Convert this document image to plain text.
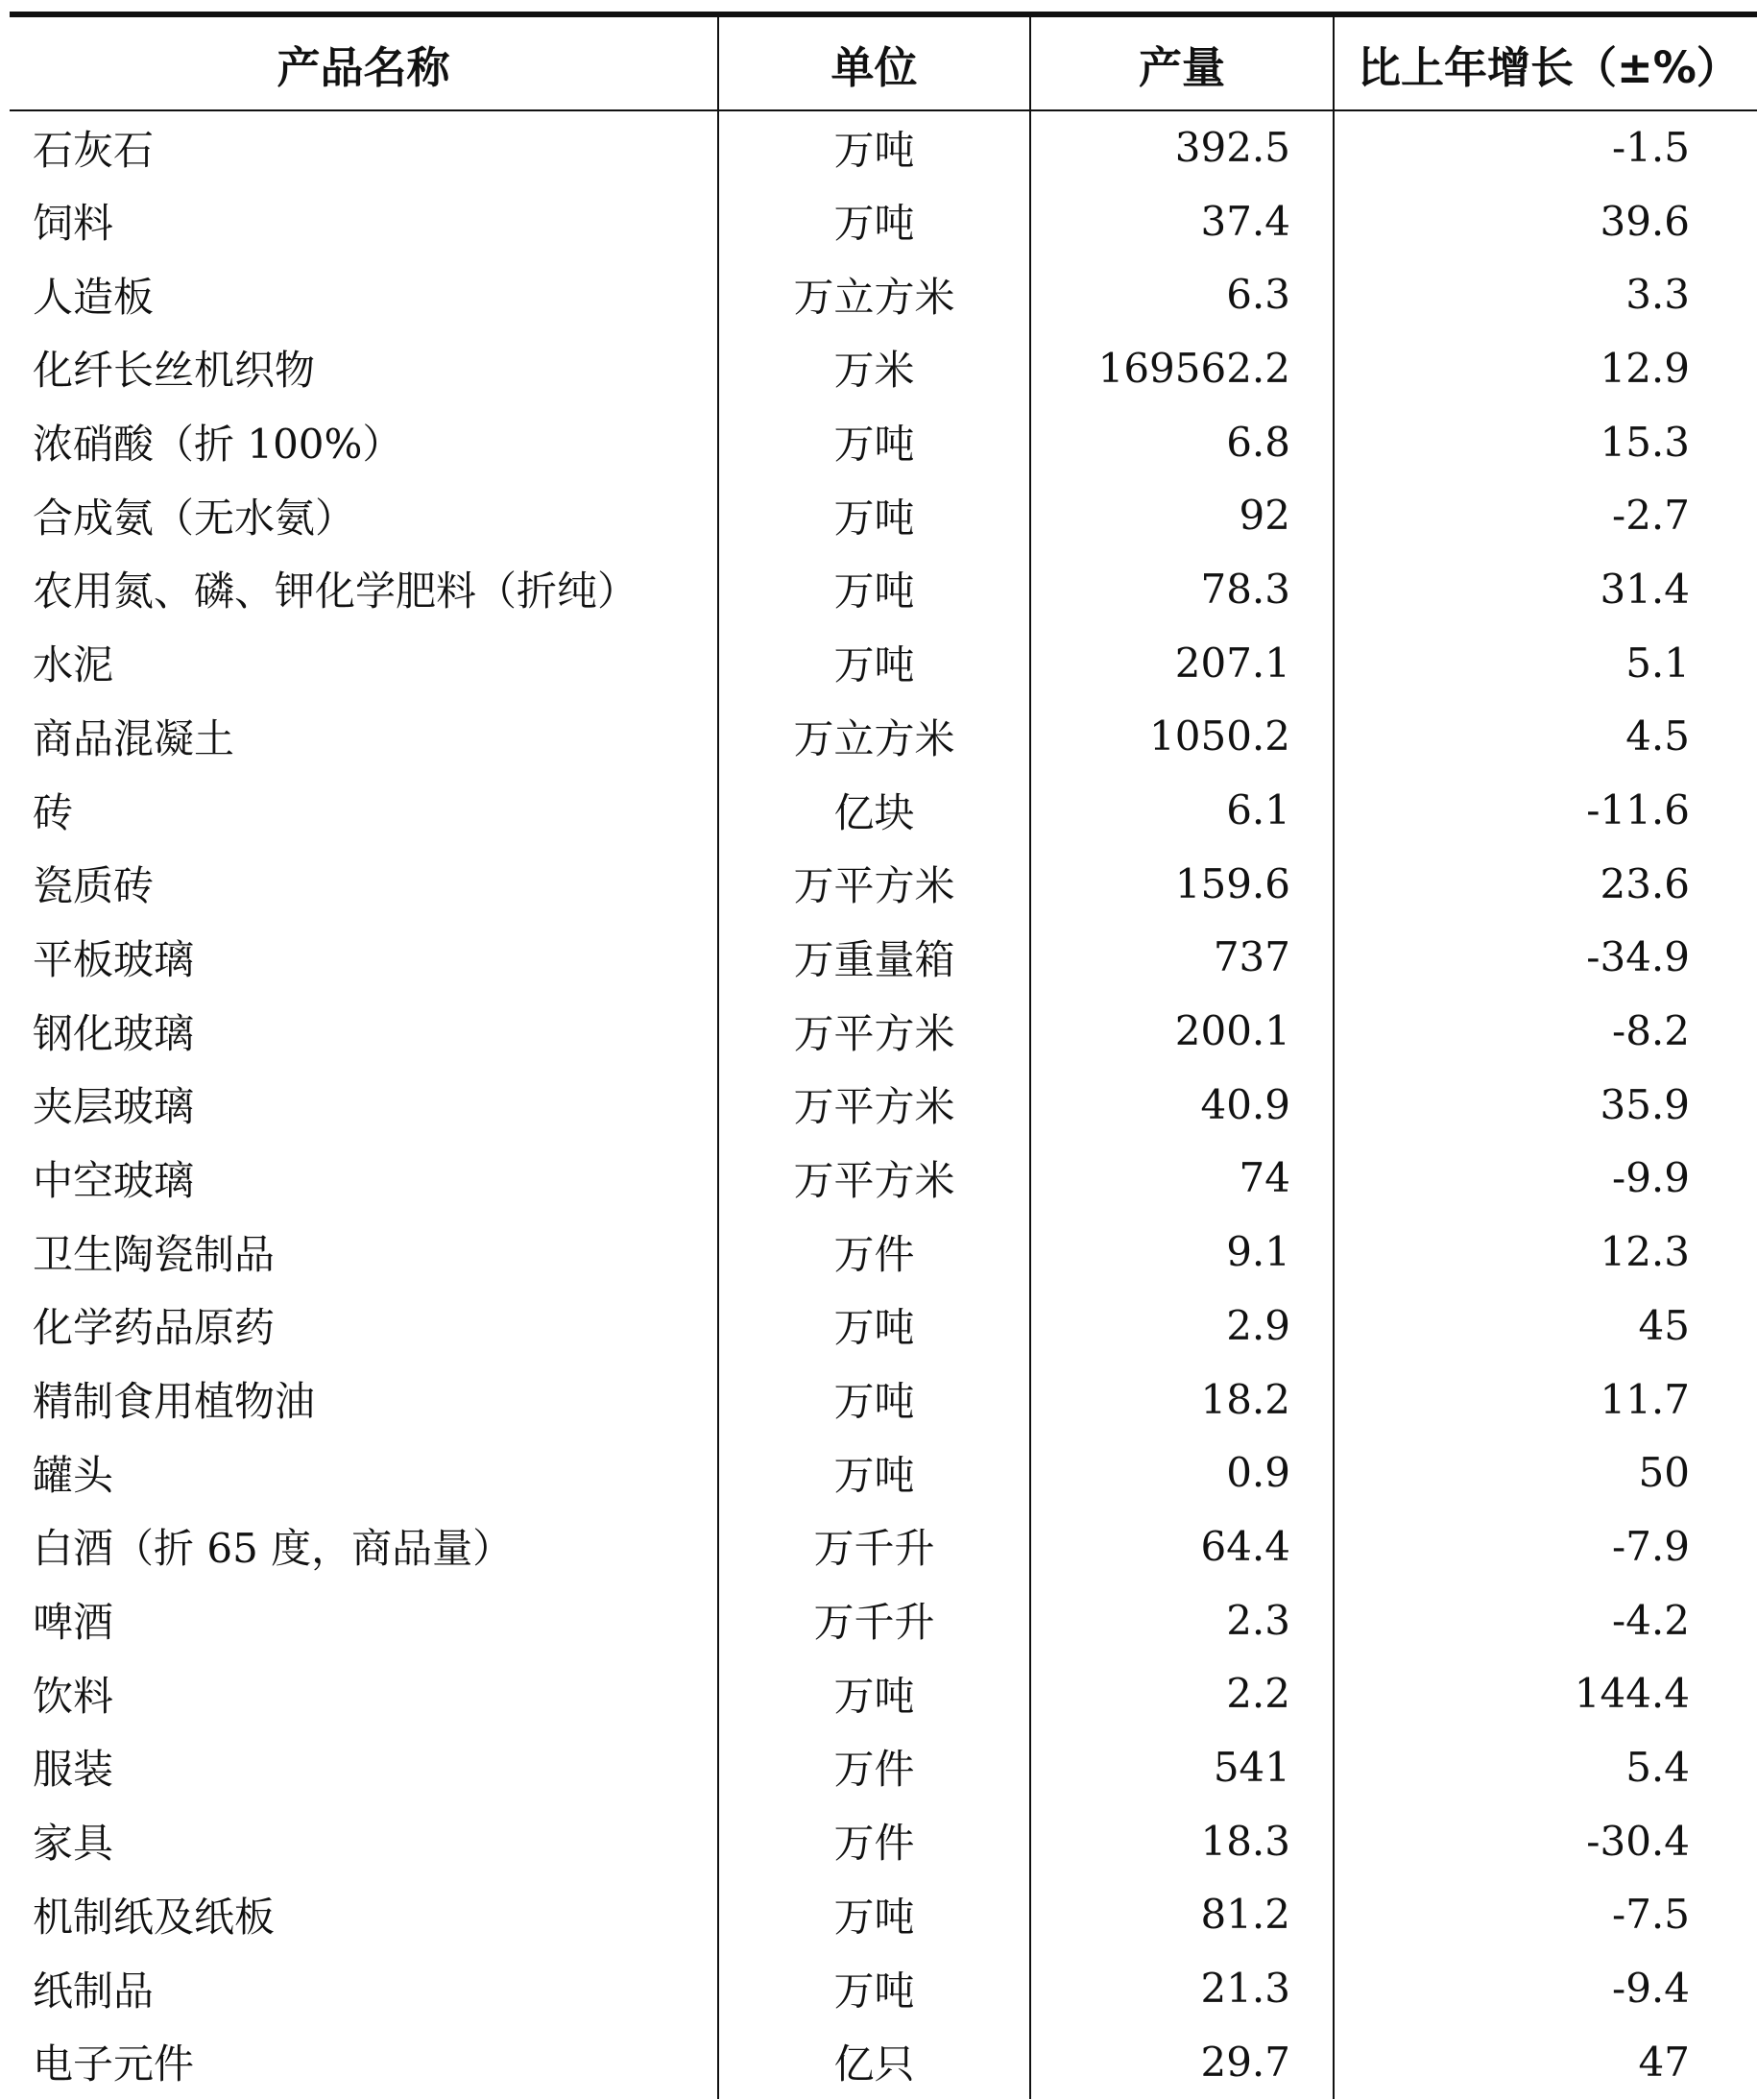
产品名称	单位	产量	比上年增长（±%）
石灰石	万吨	392.5	-1.5
饲料	万吨	37.4	39.6
人造板	万立方米	6.3	3.3
化纤长丝机织物	万米	169562.2	12.9
浓硝酸（折 100%）	万吨	6.8	15.3
合成氨（无水氨）	万吨	92	-2.7
农用氮、磷、钾化学肥料（折纯）	万吨	78.3	31.4
水泥	万吨	207.1	5.1
商品混凝土	万立方米	1050.2	4.5
砖	亿块	6.1	-11.6
瓷质砖	万平方米	159.6	23.6
平板玻璃	万重量箱	737	-34.9
钢化玻璃	万平方米	200.1	-8.2
夹层玻璃	万平方米	40.9	35.9
中空玻璃	万平方米	74	-9.9
卫生陶瓷制品	万件	9.1	12.3
化学药品原药	万吨	2.9	45
精制食用植物油	万吨	18.2	11.7
罐头	万吨	0.9	50
白酒（折 65 度，商品量）	万千升	64.4	-7.9
啤酒	万千升	2.3	-4.2
饮料	万吨	2.2	144.4
服装	万件	541	5.4
家具	万件	18.3	-30.4
机制纸及纸板	万吨	81.2	-7.5
纸制品	万吨	21.3	-9.4
电子元件	亿只	29.7	47
